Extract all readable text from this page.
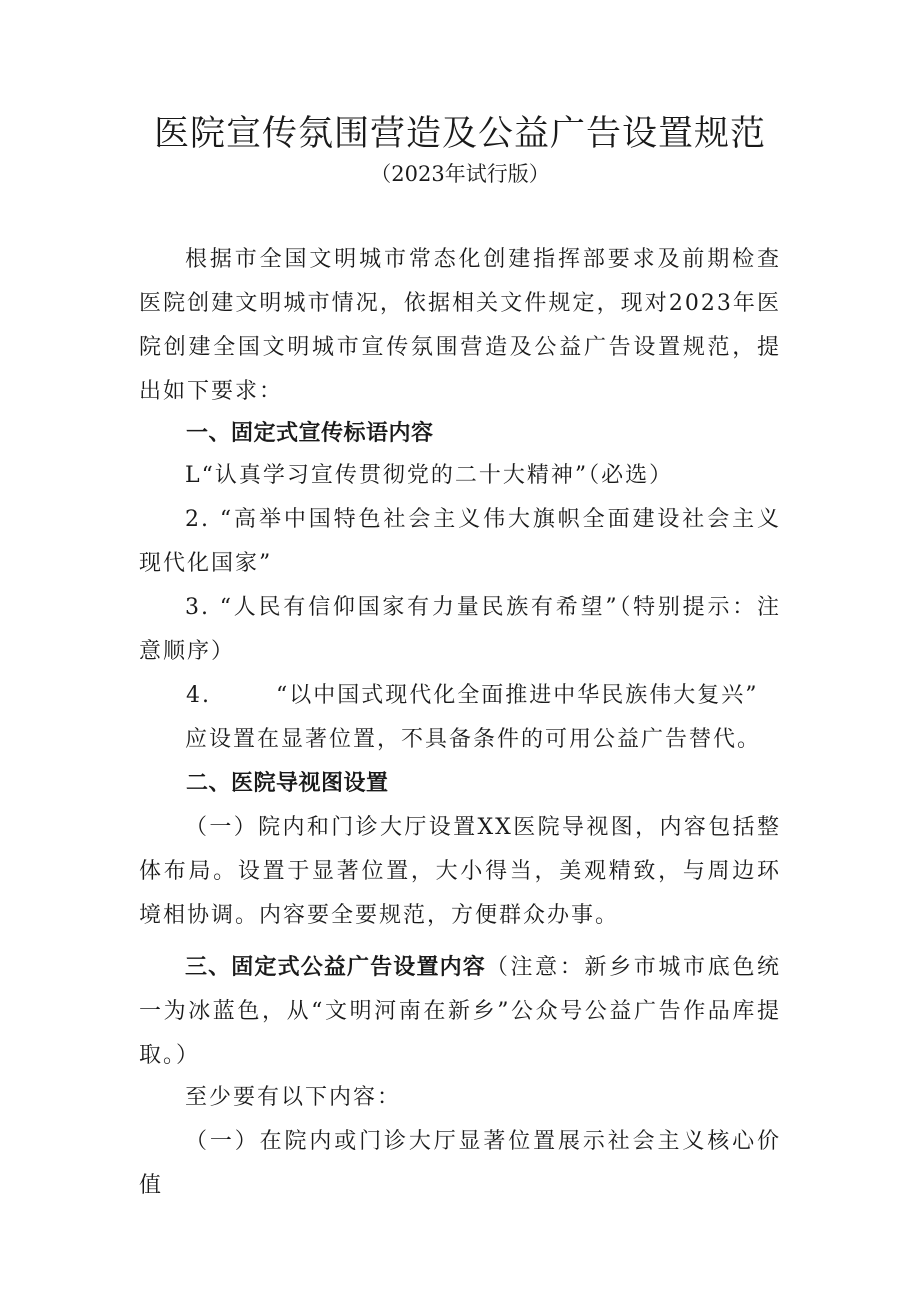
医院宣传氛围营造及公益广告设置规范

（2023年试行版）

根据市全国文明城市常态化创建指挥部要求及前期检查医院创建文明城市情况，依据相关文件规定，现对2023年医院创建全国文明城市宣传氛围营造及公益广告设置规范，提出如下要求：

一、固定式宣传标语内容

L“认真学习宣传贯彻党的二十大精神”（必选）

2. “高举中国特色社会主义伟大旗帜全面建设社会主义现代化国家”

3. “人民有信仰国家有力量民族有希望”（特别提示：注意顺序）

4.	“以中国式现代化全面推进中华民族伟大复兴”

应设置在显著位置，不具备条件的可用公益广告替代。

二、医院导视图设置

（一）院内和门诊大厅设置XX医院导视图，内容包括整体布局。设置于显著位置，大小得当，美观精致，与周边环境相协调。内容要全要规范，方便群众办事。

三、固定式公益广告设置内容（注意：新乡市城市底色统一为冰蓝色，从“文明河南在新乡”公众号公益广告作品库提取。）

至少要有以下内容：

（一）在院内或门诊大厅显著位置展示社会主义核心价值
